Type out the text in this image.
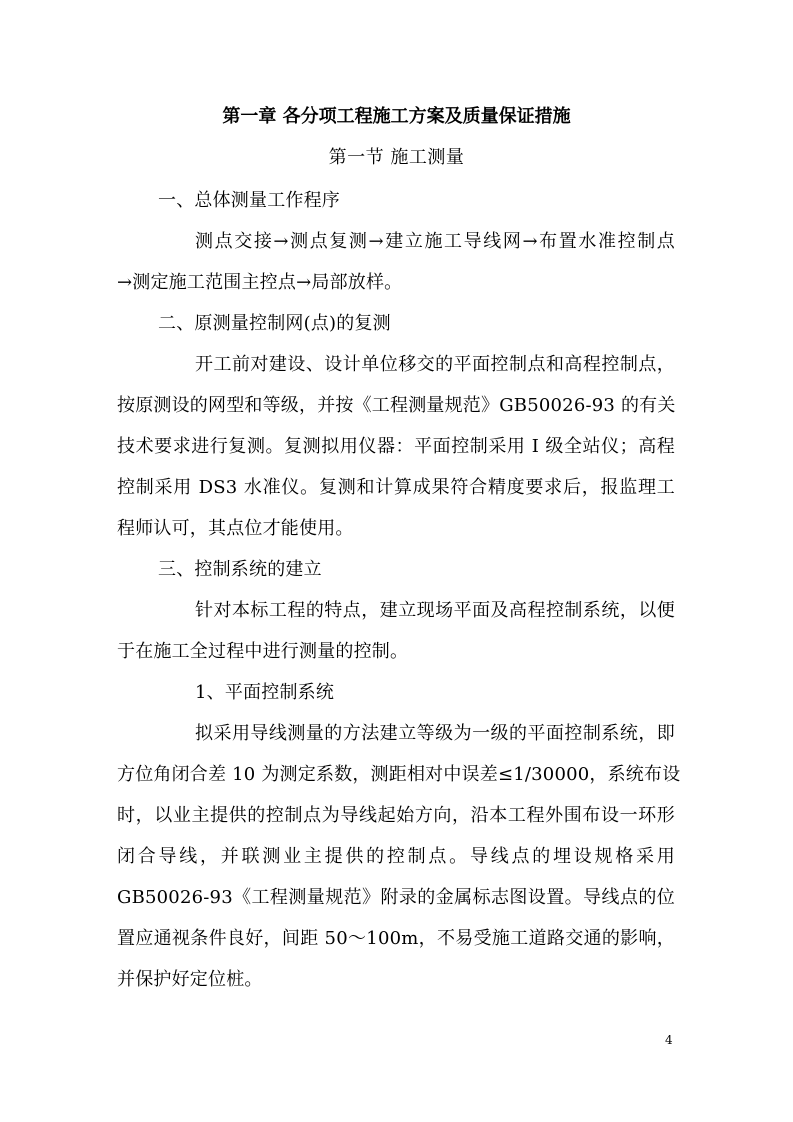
第一章 各分项工程施工方案及质量保证措施
第一节 施工测量
一、总体测量工作程序
测点交接→测点复测→建立施工导线网→布置水准控制点
→测定施工范围主控点→局部放样。
二、原测量控制网(点)的复测
开工前对建设、设计单位移交的平面控制点和高程控制点，
按原测设的网型和等级，并按《工程测量规范》GB50026-93 的有关
技术要求进行复测。复测拟用仪器：平面控制采用 I 级全站仪；高程
控制采用 DS3 水准仪。复测和计算成果符合精度要求后，报监理工
程师认可，其点位才能使用。
三、控制系统的建立
针对本标工程的特点，建立现场平面及高程控制系统，以便
于在施工全过程中进行测量的控制。
1、平面控制系统
拟采用导线测量的方法建立等级为一级的平面控制系统，即
方位角闭合差 10 为测定系数，测距相对中误差≤1/30000，系统布设
时，以业主提供的控制点为导线起始方向，沿本工程外围布设一环形
闭合导线，并联测业主提供的控制点。导线点的埋设规格采用
GB50026-93《工程测量规范》附录的金属标志图设置。导线点的位
置应通视条件良好，间距 50～100m，不易受施工道路交通的影响，
并保护好定位桩。
4
